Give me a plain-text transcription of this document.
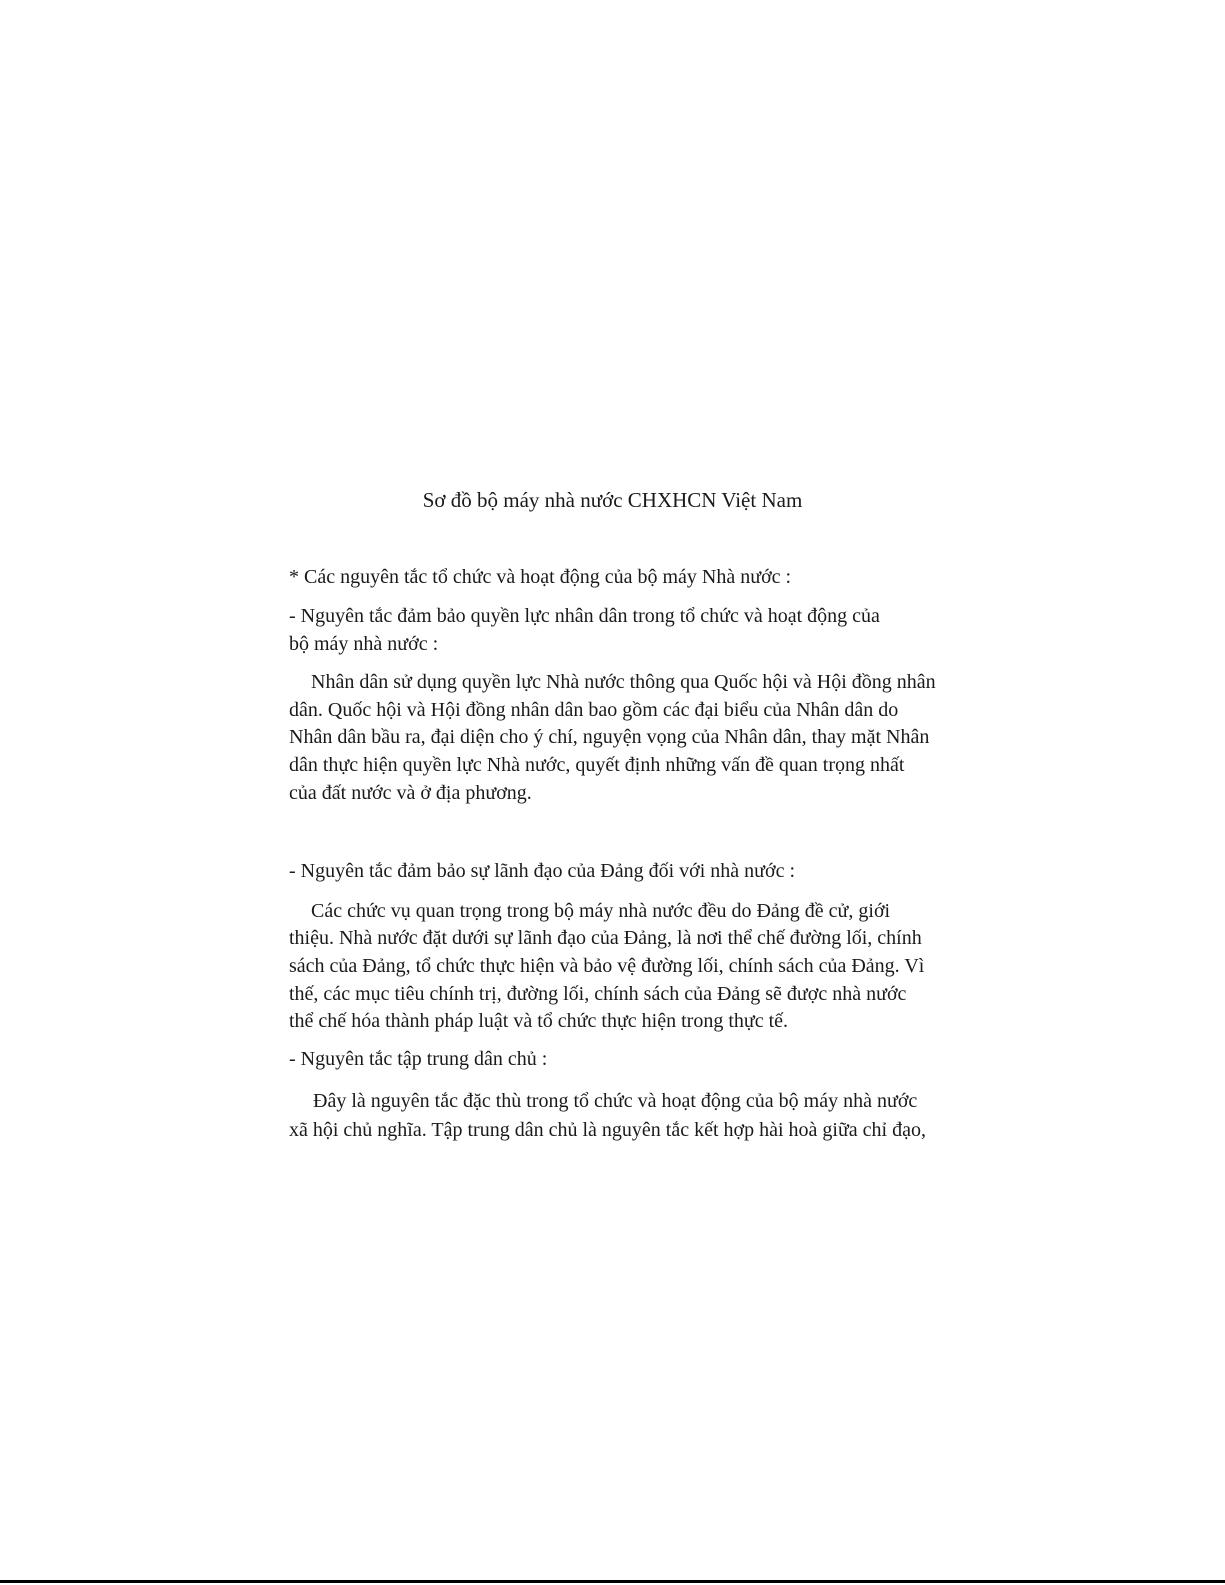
Sơ đồ bộ máy nhà nước CHXHCN Việt Nam
* Các nguyên tắc tổ chức và hoạt động của bộ máy Nhà nước :
- Nguyên tắc đảm bảo quyền lực nhân dân trong tổ chức và hoạt động của
bộ máy nhà nước :
Nhân dân sử dụng quyền lực Nhà nước thông qua Quốc hội và Hội đồng nhân
dân. Quốc hội và Hội đồng nhân dân bao gồm các đại biểu của Nhân dân do
Nhân dân bầu ra, đại diện cho ý chí, nguyện vọng của Nhân dân, thay mặt Nhân
dân thực hiện quyền lực Nhà nước, quyết định những vấn đề quan trọng nhất
của đất nước và ở địa phương.
- Nguyên tắc đảm bảo sự lãnh đạo của Đảng đối với nhà nước :
Các chức vụ quan trọng trong bộ máy nhà nước đều do Đảng đề cử, giới
thiệu. Nhà nước đặt dưới sự lãnh đạo của Đảng, là nơi thể chế đường lối, chính
sách của Đảng, tổ chức thực hiện và bảo vệ đường lối, chính sách của Đảng. Vì
thế, các mục tiêu chính trị, đường lối, chính sách của Đảng sẽ được nhà nước
thể chế hóa thành pháp luật và tổ chức thực hiện trong thực tế.
- Nguyên tắc tập trung dân chủ :
Đây là nguyên tắc đặc thù trong tổ chức và hoạt động của bộ máy nhà nước
xã hội chủ nghĩa. Tập trung dân chủ là nguyên tắc kết hợp hài hoà giữa chỉ đạo,
